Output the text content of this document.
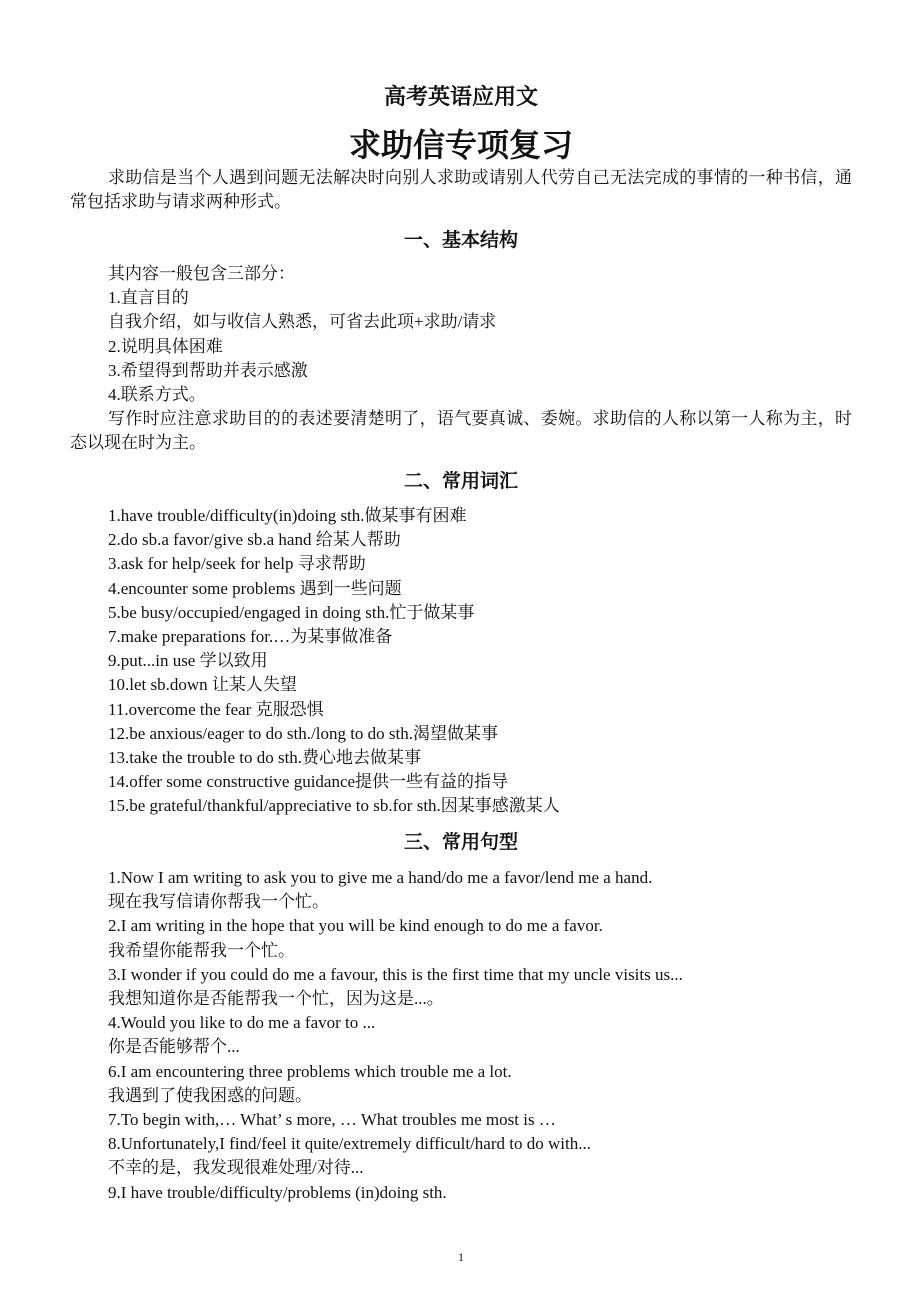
高考英语应用文
求助信专项复习

求助信是当个人遇到问题无法解决时向别人求助或请别人代劳自己无法完成的事情的一种书信，通常包括求助与请求两种形式。

一、基本结构

其内容一般包含三部分：

1.直言目的

自我介绍，如与收信人熟悉，可省去此项+求助/请求

2.说明具体困难

3.希望得到帮助并表示感激

4.联系方式。

写作时应注意求助目的的表述要清楚明了，语气要真诚、委婉。求助信的人称以第一人称为主，时态以现在时为主。

二、常用词汇

1.have trouble/difficulty(in)doing sth.做某事有困难

2.do sb.a favor/give sb.a hand 给某人帮助

3.ask for help/seek for help 寻求帮助

4.encounter some problems 遇到一些问题

5.be busy/occupied/engaged in doing sth.忙于做某事

7.make preparations for.…为某事做准备

9.put...in use 学以致用

10.let sb.down 让某人失望

11.overcome the fear 克服恐惧

12.be anxious/eager to do sth./long to do sth.渴望做某事

13.take the trouble to do sth.费心地去做某事

14.offer some constructive guidance提供一些有益的指导

15.be grateful/thankful/appreciative to sb.for sth.因某事感激某人

三、常用句型

1.Now I am writing to ask you to give me a hand/do me a favor/lend me a hand.

现在我写信请你帮我一个忙。

2.I am writing in the hope that you will be kind enough to do me a favor.

我希望你能帮我一个忙。

3.I wonder if you could do me a favour, this is the first time that my uncle visits us...

我想知道你是否能帮我一个忙，因为这是...。

4.Would you like to do me a favor to ...

你是否能够帮个...

6.I am encountering three problems which trouble me a lot.

我遇到了使我困惑的问题。

7.To begin with,… What’ s more, … What troubles me most is …

8.Unfortunately,I find/feel it quite/extremely difficult/hard to do with...

不幸的是，我发现很难处理/对待...

9.I have trouble/difficulty/problems (in)doing sth.

1
